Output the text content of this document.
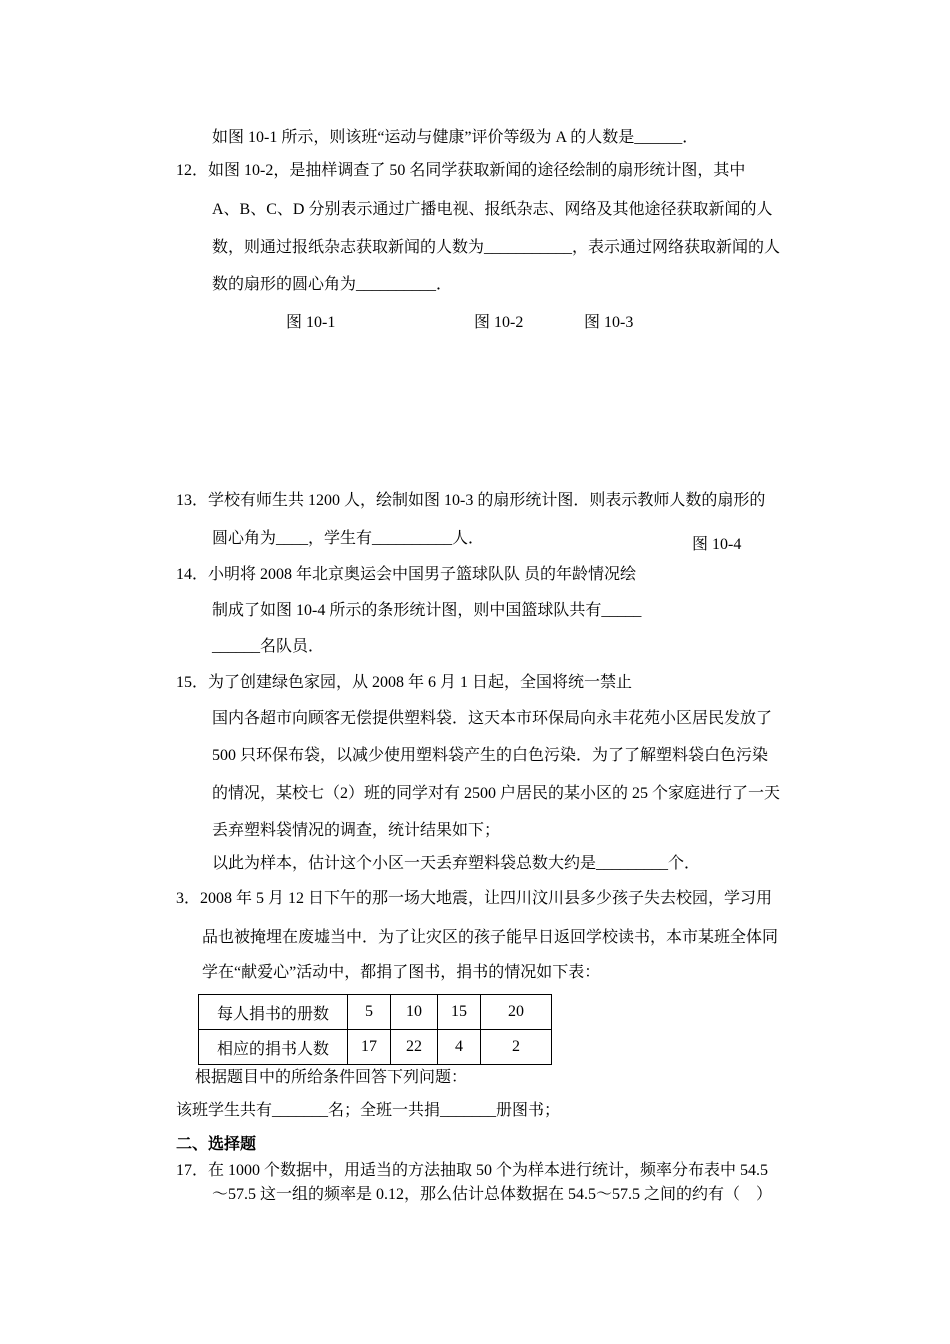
如图 10-1 所示，则该班“运动与健康”评价等级为 A 的人数是______．
12．如图 10-2，是抽样调查了 50 名同学获取新闻的途径绘制的扇形统计图，其中
A、B、C、D 分别表示通过广播电视、报纸杂志、网络及其他途径获取新闻的人
数，则通过报纸杂志获取新闻的人数为___________，表示通过网络获取新闻的人
数的扇形的圆心角为__________．
图 10-1	图 10-2	图 10-3
13．学校有师生共 1200 人，绘制如图 10-3 的扇形统计图．则表示教师人数的扇形的
圆心角为____，学生有__________人．	图 10-4
14．小明将 2008 年北京奥运会中国男子篮球队队 员的年龄情况绘
制成了如图 10-4 所示的条形统计图，则中国篮球队共有_____
______名队员．
15．为了创建绿色家园，从 2008 年 6 月 1 日起，全国将统一禁止
国内各超市向顾客无偿提供塑料袋．这天本市环保局向永丰花苑小区居民发放了
500 只环保布袋，以减少使用塑料袋产生的白色污染．为了了解塑料袋白色污染
的情况，某校七（2）班的同学对有 2500 户居民的某小区的 25 个家庭进行了一天
丢弃塑料袋情况的调查，统计结果如下；
以此为样本，估计这个小区一天丢弃塑料袋总数大约是_________个．
3．2008 年 5 月 12 日下午的那一场大地震，让四川汶川县多少孩子失去校园，学习用
品也被掩埋在废墟当中．为了让灾区的孩子能早日返回学校读书，本市某班全体同
学在“献爱心”活动中，都捐了图书，捐书的情况如下表：
每人捐书的册数	5	10	15	20
相应的捐书人数	17	22	4	2
根据题目中的所给条件回答下列问题：
该班学生共有_______名；全班一共捐_______册图书；
二、选择题
17．在 1000 个数据中，用适当的方法抽取 50 个为样本进行统计，频率分布表中 54.5
～57.5 这一组的频率是 0.12，那么估计总体数据在 54.5～57.5 之间的约有（    ）
